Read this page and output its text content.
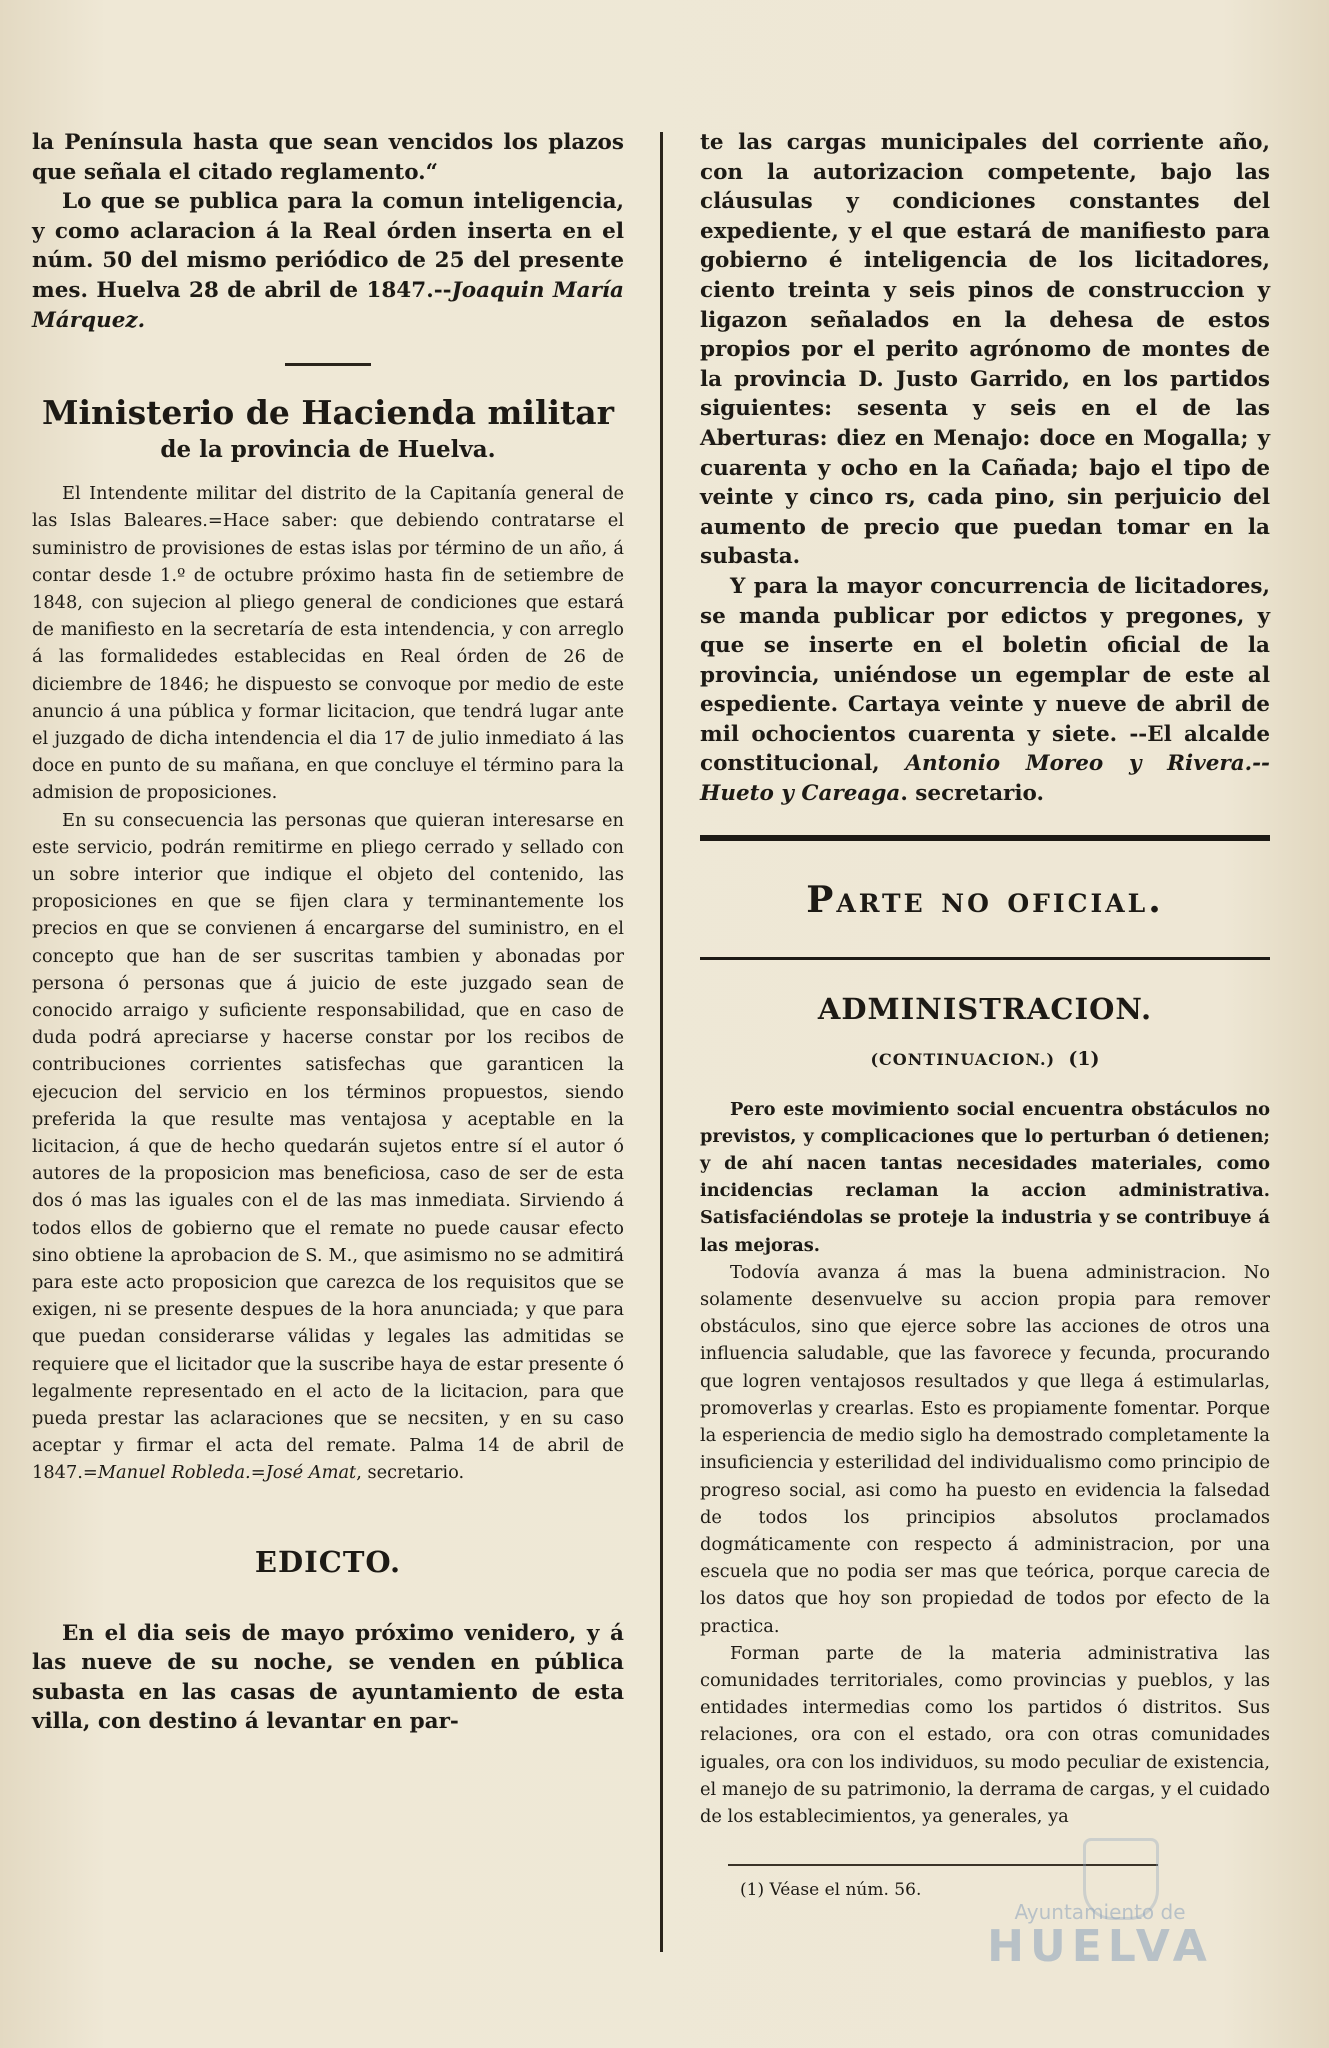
la Península hasta que sean vencidos los plazos que señala el citado reglamento.“

Lo que se publica para la comun inteligencia, y como aclaracion á la Real órden inserta en el núm. 50 del mismo periódico de 25 del presente mes. Huelva 28 de abril de 1847.--Joaquin María Márquez.

Ministerio de Hacienda militar
de la provincia de Huelva.

El Intendente militar del distrito de la Capitanía general de las Islas Baleares.=Hace saber: que debiendo contratarse el suministro de provisiones de estas islas por término de un año, á contar desde 1.º de octubre próximo hasta fin de setiembre de 1848, con sujecion al pliego general de condiciones que estará de manifiesto en la secretaría de esta intendencia, y con arreglo á las formalidedes establecidas en Real órden de 26 de diciembre de 1846; he dispuesto se convoque por medio de este anuncio á una pública y formar licitacion, que tendrá lugar ante el juzgado de dicha intendencia el dia 17 de julio inmediato á las doce en punto de su mañana, en que concluye el término para la admision de proposiciones.

En su consecuencia las personas que quieran interesarse en este servicio, podrán remitirme en pliego cerrado y sellado con un sobre interior que indique el objeto del contenido, las proposiciones en que se fijen clara y terminantemente los precios en que se convienen á encargarse del suministro, en el concepto que han de ser suscritas tambien y abonadas por persona ó personas que á juicio de este juzgado sean de conocido arraigo y suficiente responsabilidad, que en caso de duda podrá apreciarse y hacerse constar por los recibos de contribuciones corrientes satisfechas que garanticen la ejecucion del servicio en los términos propuestos, siendo preferida la que resulte mas ventajosa y aceptable en la licitacion, á que de hecho quedarán sujetos entre sí el autor ó autores de la proposicion mas beneficiosa, caso de ser de esta dos ó mas las iguales con el de las mas inmediata. Sirviendo á todos ellos de gobierno que el remate no puede causar efecto sino obtiene la aprobacion de S. M., que asimismo no se admitirá para este acto proposicion que carezca de los requisitos que se exigen, ni se presente despues de la hora anunciada; y que para que puedan considerarse válidas y legales las admitidas se requiere que el licitador que la suscribe haya de estar presente ó legalmente representado en el acto de la licitacion, para que pueda prestar las aclaraciones que se necsiten, y en su caso aceptar y firmar el acta del remate. Palma 14 de abril de 1847.=Manuel Robleda.=José Amat, secretario.

EDICTO.

En el dia seis de mayo próximo venidero, y á las nueve de su noche, se venden en pública subasta en las casas de ayuntamiento de esta villa, con destino á levantar en par-

te las cargas municipales del corriente año, con la autorizacion competente, bajo las cláusulas y condiciones constantes del expediente, y el que estará de manifiesto para gobierno é inteligencia de los licitadores, ciento treinta y seis pinos de construccion y ligazon señalados en la dehesa de estos propios por el perito agrónomo de montes de la provincia D. Justo Garrido, en los partidos siguientes: sesenta y seis en el de las Aberturas: diez en Menajo: doce en Mogalla; y cuarenta y ocho en la Cañada; bajo el tipo de veinte y cinco rs, cada pino, sin perjuicio del aumento de precio que puedan tomar en la subasta.

Y para la mayor concurrencia de licitadores, se manda publicar por edictos y pregones, y que se inserte en el boletin oficial de la provincia, uniéndose un egemplar de este al espediente. Cartaya veinte y nueve de abril de mil ochocientos cuarenta y siete. --El alcalde constitucional, Antonio Moreo y Rivera.--Hueto y Careaga. secretario.

Parte no oficial.
ADMINISTRACION.
(CONTINUACION.) (1)

Pero este movimiento social encuentra obstáculos no previstos, y complicaciones que lo perturban ó detienen; y de ahí nacen tantas necesidades materiales, como incidencias reclaman la accion administrativa. Satisfaciéndolas se proteje la industria y se contribuye á las mejoras.

Todovía avanza á mas la buena administracion. No solamente desenvuelve su accion propia para remover obstáculos, sino que ejerce sobre las acciones de otros una influencia saludable, que las favorece y fecunda, procurando que logren ventajosos resultados y que llega á estimularlas, promoverlas y crearlas. Esto es propiamente fomentar. Porque la esperiencia de medio siglo ha demostrado completamente la insuficiencia y esterilidad del individualismo como principio de progreso social, asi como ha puesto en evidencia la falsedad de todos los principios absolutos proclamados dogmáticamente con respecto á administracion, por una escuela que no podia ser mas que teórica, porque carecia de los datos que hoy son propiedad de todos por efecto de la practica.

Forman parte de la materia administrativa las comunidades territoriales, como provincias y pueblos, y las entidades intermedias como los partidos ó distritos. Sus relaciones, ora con el estado, ora con otras comunidades iguales, ora con los individuos, su modo peculiar de existencia, el manejo de su patrimonio, la derrama de cargas, y el cuidado de los establecimientos, ya generales, ya

(1) Véase el núm. 56.
Ayuntamiento de
HUELVA
